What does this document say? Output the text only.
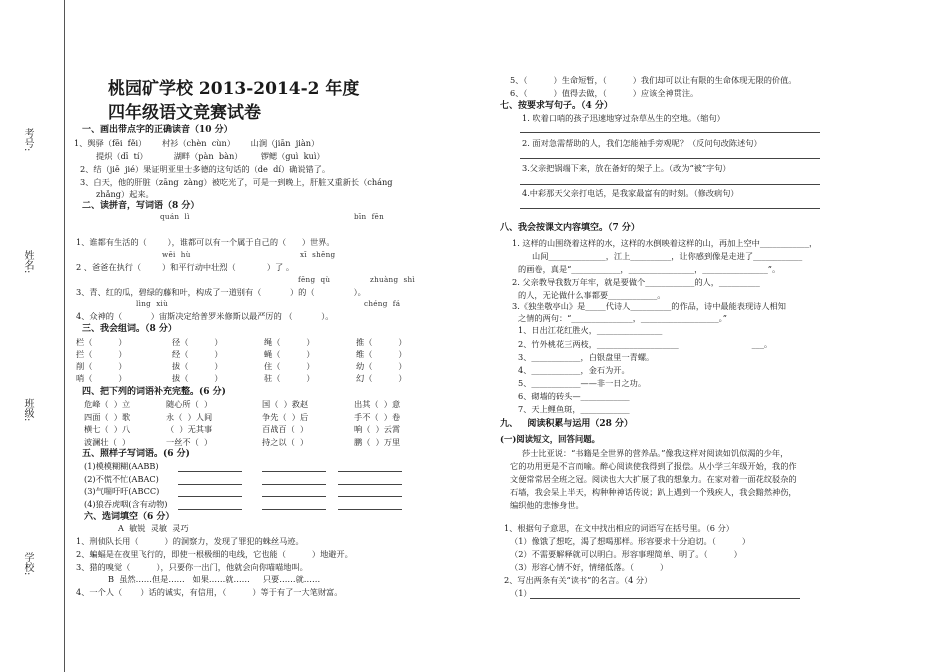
考号:
姓名:
班级:
学校:
桃园矿学校 2013-2014-2 年度
四年级语文竞赛试卷
一、画出带点字的正确读音（10 分）
1、舆驿（fēi  fěi）      村衫（chèn  cùn）      山涧（jiān  jiàn）
提炽（dī  tí）          湖畔（pàn  bàn）       锣鳃（guì  kuì）
2、结（jiē  jié）果证明亚里士多德的这句话的（de  dí）确说错了。
3、白天，他的肝脏（zāng  zàng）被吃光了，可是一到晚上，肝脏又重新长（cháng
zhǎng）起来。
二、读拼音，写词语（8 分）
quán  lì	bīn  fēn
1、谁都有生活的（        ），谁都可以有一个属于自己的（      ）世界。
wēi  hù	xī  shēng
2 、爸爸在执行（        ）和平行动中壮烈（            ）了 。
fēng  qù	zhuàng  shì
3、青、红的瓜，碧绿的藤和叶，构成了一道别有（           ）的（               ）。
lìng  xiù	chéng  fá
4、众神的（           ）宙斯决定给普罗米修斯以最严厉的 （           ）。
三、我会组词。（8 分）
栏（          ）	径（          ）	绳（          ）	推（          ）
拦（          ）	经（          ）	蝇（          ）	维（          ）
削（          ）	拔（          ）	住（          ）	幼（          ）
哨（          ）	拔（          ）	驻（          ）	幻（          ）
四、把下列的词语补充完整。(6 分)
危峰（  ）立	随心所（  ）	国（  ）救赵	出其（  ）意
四面（  ）歌	永（  ）人间	争先（  ）后	手不（  ）卷
横七（  ）八	（  ）无其事	百战百（  ）	响（  ）云霄
波澜壮（  ）	一丝不（  ）	持之以（  ）	鹏（  ）万里
五、照样子写词语。(6 分)
(1)模模糊糊(AABB)
(2)不慌不忙(ABAC)
(3)气喘吁吁(ABCC)
(4)狼吞虎咽(含有动物)
六、选词填空（6 分）
A  敏锐  灵敏  灵巧
1、刑侦队长用（          ）的洞察力，发现了罪犯的蛛丝马迹。
2、蝙蝠是在夜里飞行的，即使一根极细的电线，它也能（          ）地避开。
3、猎的嗅觉（          ），只要你一出门，他就会向你喵喵地叫。
B  虽然……但是……   如果……就……     只要……就……
4、一个人（       ）话的诚实，有信用，（          ）等于有了一大笔财富。
5、（          ）生命短暂，（          ）我们却可以让有限的生命体现无限的价值。
6、（          ）值得去做，（          ）应该全神贯注。
七、按要求写句子。（4 分）
1. 吹着口哨的孩子迅速地穿过杂草丛生的空地。（缩句）
2. 面对急需帮助的人，我们怎能袖手旁观呢？（反问句改陈述句）
3.父亲把锅端下来，放在备好的架子上。（改为“被”字句）
4.中彩那天父亲打电话，是我家最富有的时刻。（修改病句）
八、我会按课文内容填空。（7 分）
1. 这样的山围绕着这样的水，这样的水倒映着这样的山，再加上空中____________，
山间______________，江上__________，让你感到像是走进了____________
的画卷，真是“____________，________________，________________”。
2. 父亲教导我数万年牢，就是要做个____________的人，__________
的人，无论做什么事都要____________。
3.《独坐敬亭山》是_____代诗人__________的作品，诗中最能表现诗人相知
之情的两句：“_______________，___________________。”
1、日出江花红胜火，________________
2、竹外桃花三两枝，____________________                            ___。
3、____________，白银盘里一青螺。
4、____________，金石为开。
5、____________——非一日之功。
6、砌墙的砖头—____________
7、天上鲤鱼斑，____________
九、   阅读积累与运用（28 分）
(一)阅读短文，回答问题。
莎士比亚说：“书籍是全世界的营养品。”像我这样对阅读如饥似渴的少年，
它的功用更是不言而喻。醉心阅读使我得到了报偿。从小学三年级开始，我的作
文便常常居全班之冠。阅读也大大扩展了我的想象力。在家对着一面花纹驳杂的
石墙，我会呆上半天，构种种神话传说；趴上遇到一个残疾人，我会黯然神伤，
编织他的悲惨身世。
1、根据句子意思，在文中找出相应的词语写在括号里。（6 分）
（1）像饿了想吃，渴了想喝那样。形容要求十分迫切。（          ）
（2）不需要解释就可以明白。形容事理简单、明了。（          ）
（3）形容心情不好，情绪低落。（          ）
2、写出两条有关“读书”的名言。（4 分）
（1）
